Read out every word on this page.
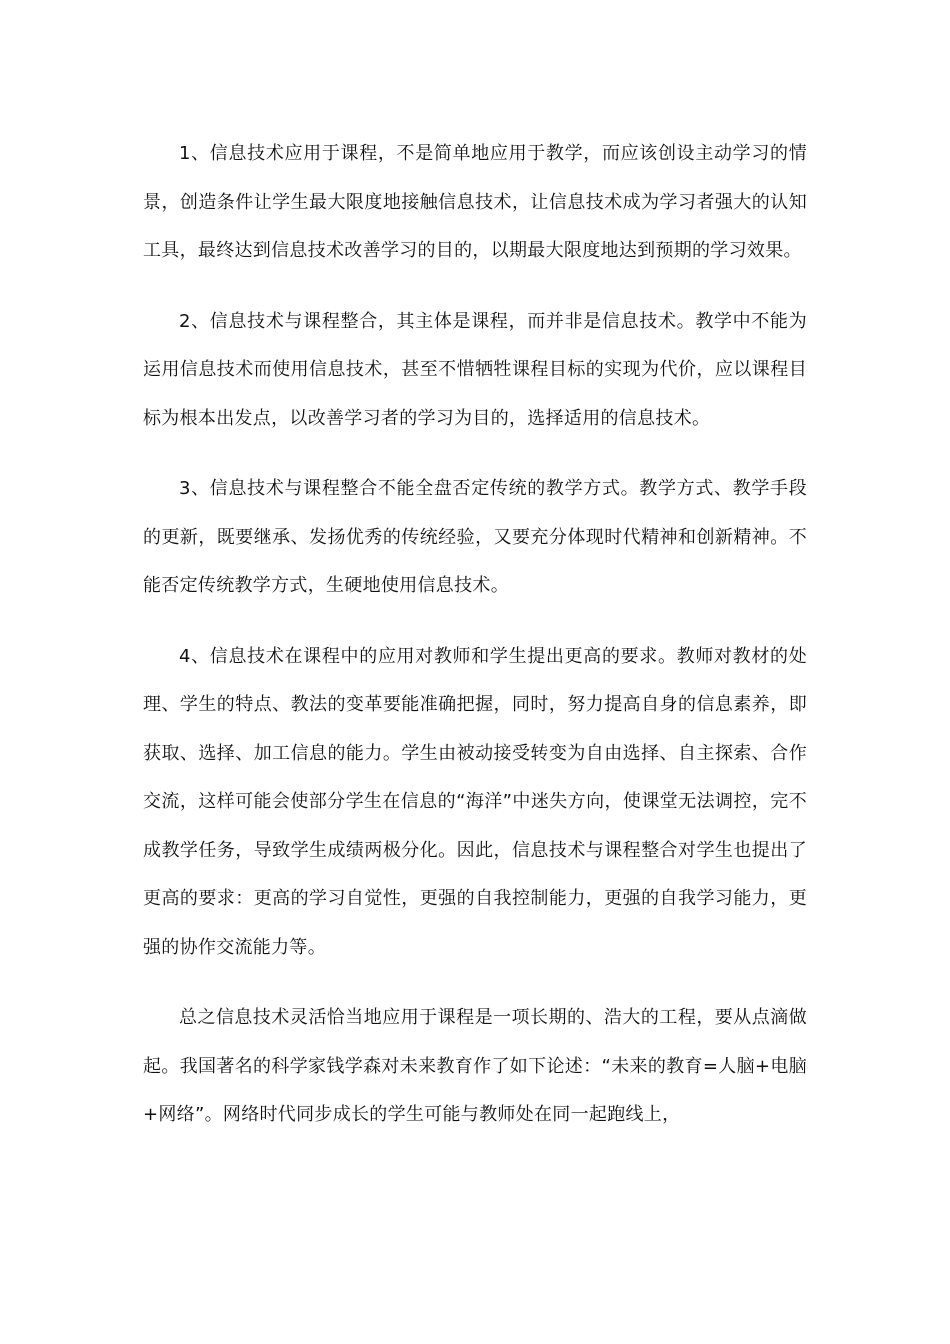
1、信息技术应用于课程，不是简单地应用于教学，而应该创设主动学习的情景，创造条件让学生最大限度地接触信息技术，让信息技术成为学习者强大的认知工具，最终达到信息技术改善学习的目的，以期最大限度地达到预期的学习效果。

2、信息技术与课程整合，其主体是课程，而并非是信息技术。教学中不能为运用信息技术而使用信息技术，甚至不惜牺牲课程目标的实现为代价，应以课程目标为根本出发点，以改善学习者的学习为目的，选择适用的信息技术。

3、信息技术与课程整合不能全盘否定传统的教学方式。教学方式、教学手段的更新，既要继承、发扬优秀的传统经验，又要充分体现时代精神和创新精神。不能否定传统教学方式，生硬地使用信息技术。

4、信息技术在课程中的应用对教师和学生提出更高的要求。教师对教材的处理、学生的特点、教法的变革要能准确把握，同时，努力提高自身的信息素养，即获取、选择、加工信息的能力。学生由被动接受转变为自由选择、自主探索、合作交流，这样可能会使部分学生在信息的“海洋”中迷失方向，使课堂无法调控，完不成教学任务，导致学生成绩两极分化。因此，信息技术与课程整合对学生也提出了更高的要求：更高的学习自觉性，更强的自我控制能力，更强的自我学习能力，更强的协作交流能力等。

总之信息技术灵活恰当地应用于课程是一项长期的、浩大的工程，要从点滴做起。我国著名的科学家钱学森对未来教育作了如下论述：“未来的教育=人脑+电脑+网络”。网络时代同步成长的学生可能与教师处在同一起跑线上，
